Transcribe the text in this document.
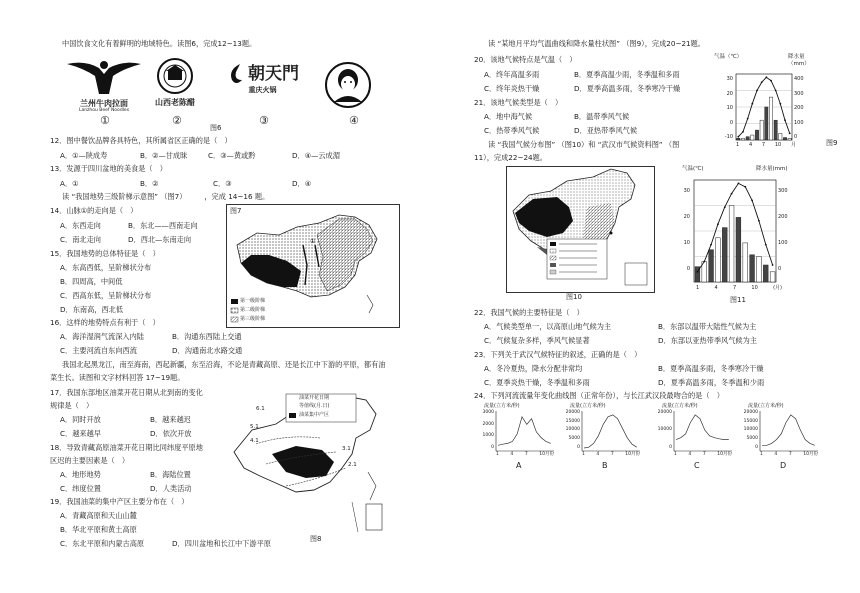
中国饮食文化有着鲜明的地域特色。读图6，完成12~13题。
兰州牛肉拉面
Lanzhou Beef Noodles
①
山西老陈醋
②
朝天門
重庆火锅
③	④
图6
12．图中餐饮品牌各具特色，其所属省区正确的是（　）
A．①—陕成寿	B．②—甘成昧	C．③—黄或黔	D．④—云成湄
13．发源于四川盆地的美食是（　）
A．①	B．②	C．③	D．④
读 “我国地势三级阶梯示意图” （图7）　　　，完成 14~16 题。
14．山脉①的走向是（　）
A．东西走向	B．东北——西南走向
C．南北走向	D．西北—东南走向
15．我国地势的总体特征是（　）
A．东高西低，呈阶梯状分布
B．四周高，中间低
C．西高东低，呈阶梯状分布
D．东南高，西北低
16．这样的地势特点有利于（　）
A．海洋湿润气流深入内陆	B．沟通东西陆上交通
C．主要河流自东向西流	D．沟通南北水路交通
图7
①
第一级阶梯
第二级阶梯
第三级阶梯
我国北起黑龙江，南至海南，西起新疆，东至沿海，不论是青藏高原、还是长江中下游的平原，都有油
菜生长。读图和文字材料回答 17~19题。
17．我国东部地区油菜开花日期从北到南的变化
规律是（　）
A．同时开放	B．越来越迟
C．越来越早	D．依次开放
18．导致青藏高原油菜开花日期比同纬度平原地
区迟的主要因素是（　）
A．地形地势	B．海陆位置
C．纬度位置	D．人类活动
19．我国油菜的集中产区主要分布在（　）
A．青藏高原和天山山麓
B．华北平原和黄土高原
C．东北平原和内蒙古高原	D．四川盆地和长江中下游平原
油菜开花日期
等值线(月.日)
油菜集中产区
6.1
5.1
4.1
3.1
2.1
图8
读 “某地月平均气温曲线和降水量柱状图” （图9），完成20~21题。
20．该地气候特点是气温（　）
A．终年高温多雨	B．夏季高温少雨，冬季温和多雨
C．终年炎热干燥	D．夏季高温多雨，冬季寒冷干燥
21．该地气候类型是（　）
A．地中海气候	B．温带季风气候
C．热带季风气候	D．亚热带季风气候
读 “我国气候分布图” （图10）和 “武汉市气候资料图” （图
11），完成22~24题。
气温（℃）	降水量（mm）
30
20
10
0
-10
400
300
200
100
0
1 4 7 10 月	图9
图10
气温(℃)	降水量(mm)
30
20
10
0
300
200
100
0
1	4	7	10	(月)
图11
22．我国气候的主要特征是（　）
A．气候类型单一，以高原山地气候为主	B．东部以温带大陆性气候为主
C．气候复杂多样，季风气候显著	D．东部以亚热带季风气候为主
23．下列关于武汉气候特征的叙述，正确的是（　）
A．冬冷夏热，降水分配非常均	B．夏季高温多雨，冬季寒冷干燥
C．夏季炎热干燥，冬季温和多雨	D．夏季高温多雨，冬季温和少雨
24．下列河流流量年变化曲线图（正常年份），与长江武汉段最吻合的是（　）
流量(立方米/秒)
3000
2000
1000
0
1	4	7	10月份
A
流量(立方米/秒)
20000
15000
10000
5000
0
1	4	7	10月份
B
流量(立方米/秒)
20000
10000
0
1	4	7	10月份
C
流量(立方米/秒)
20000
15000
10000
5000
0
1	4	7	10月份
D
